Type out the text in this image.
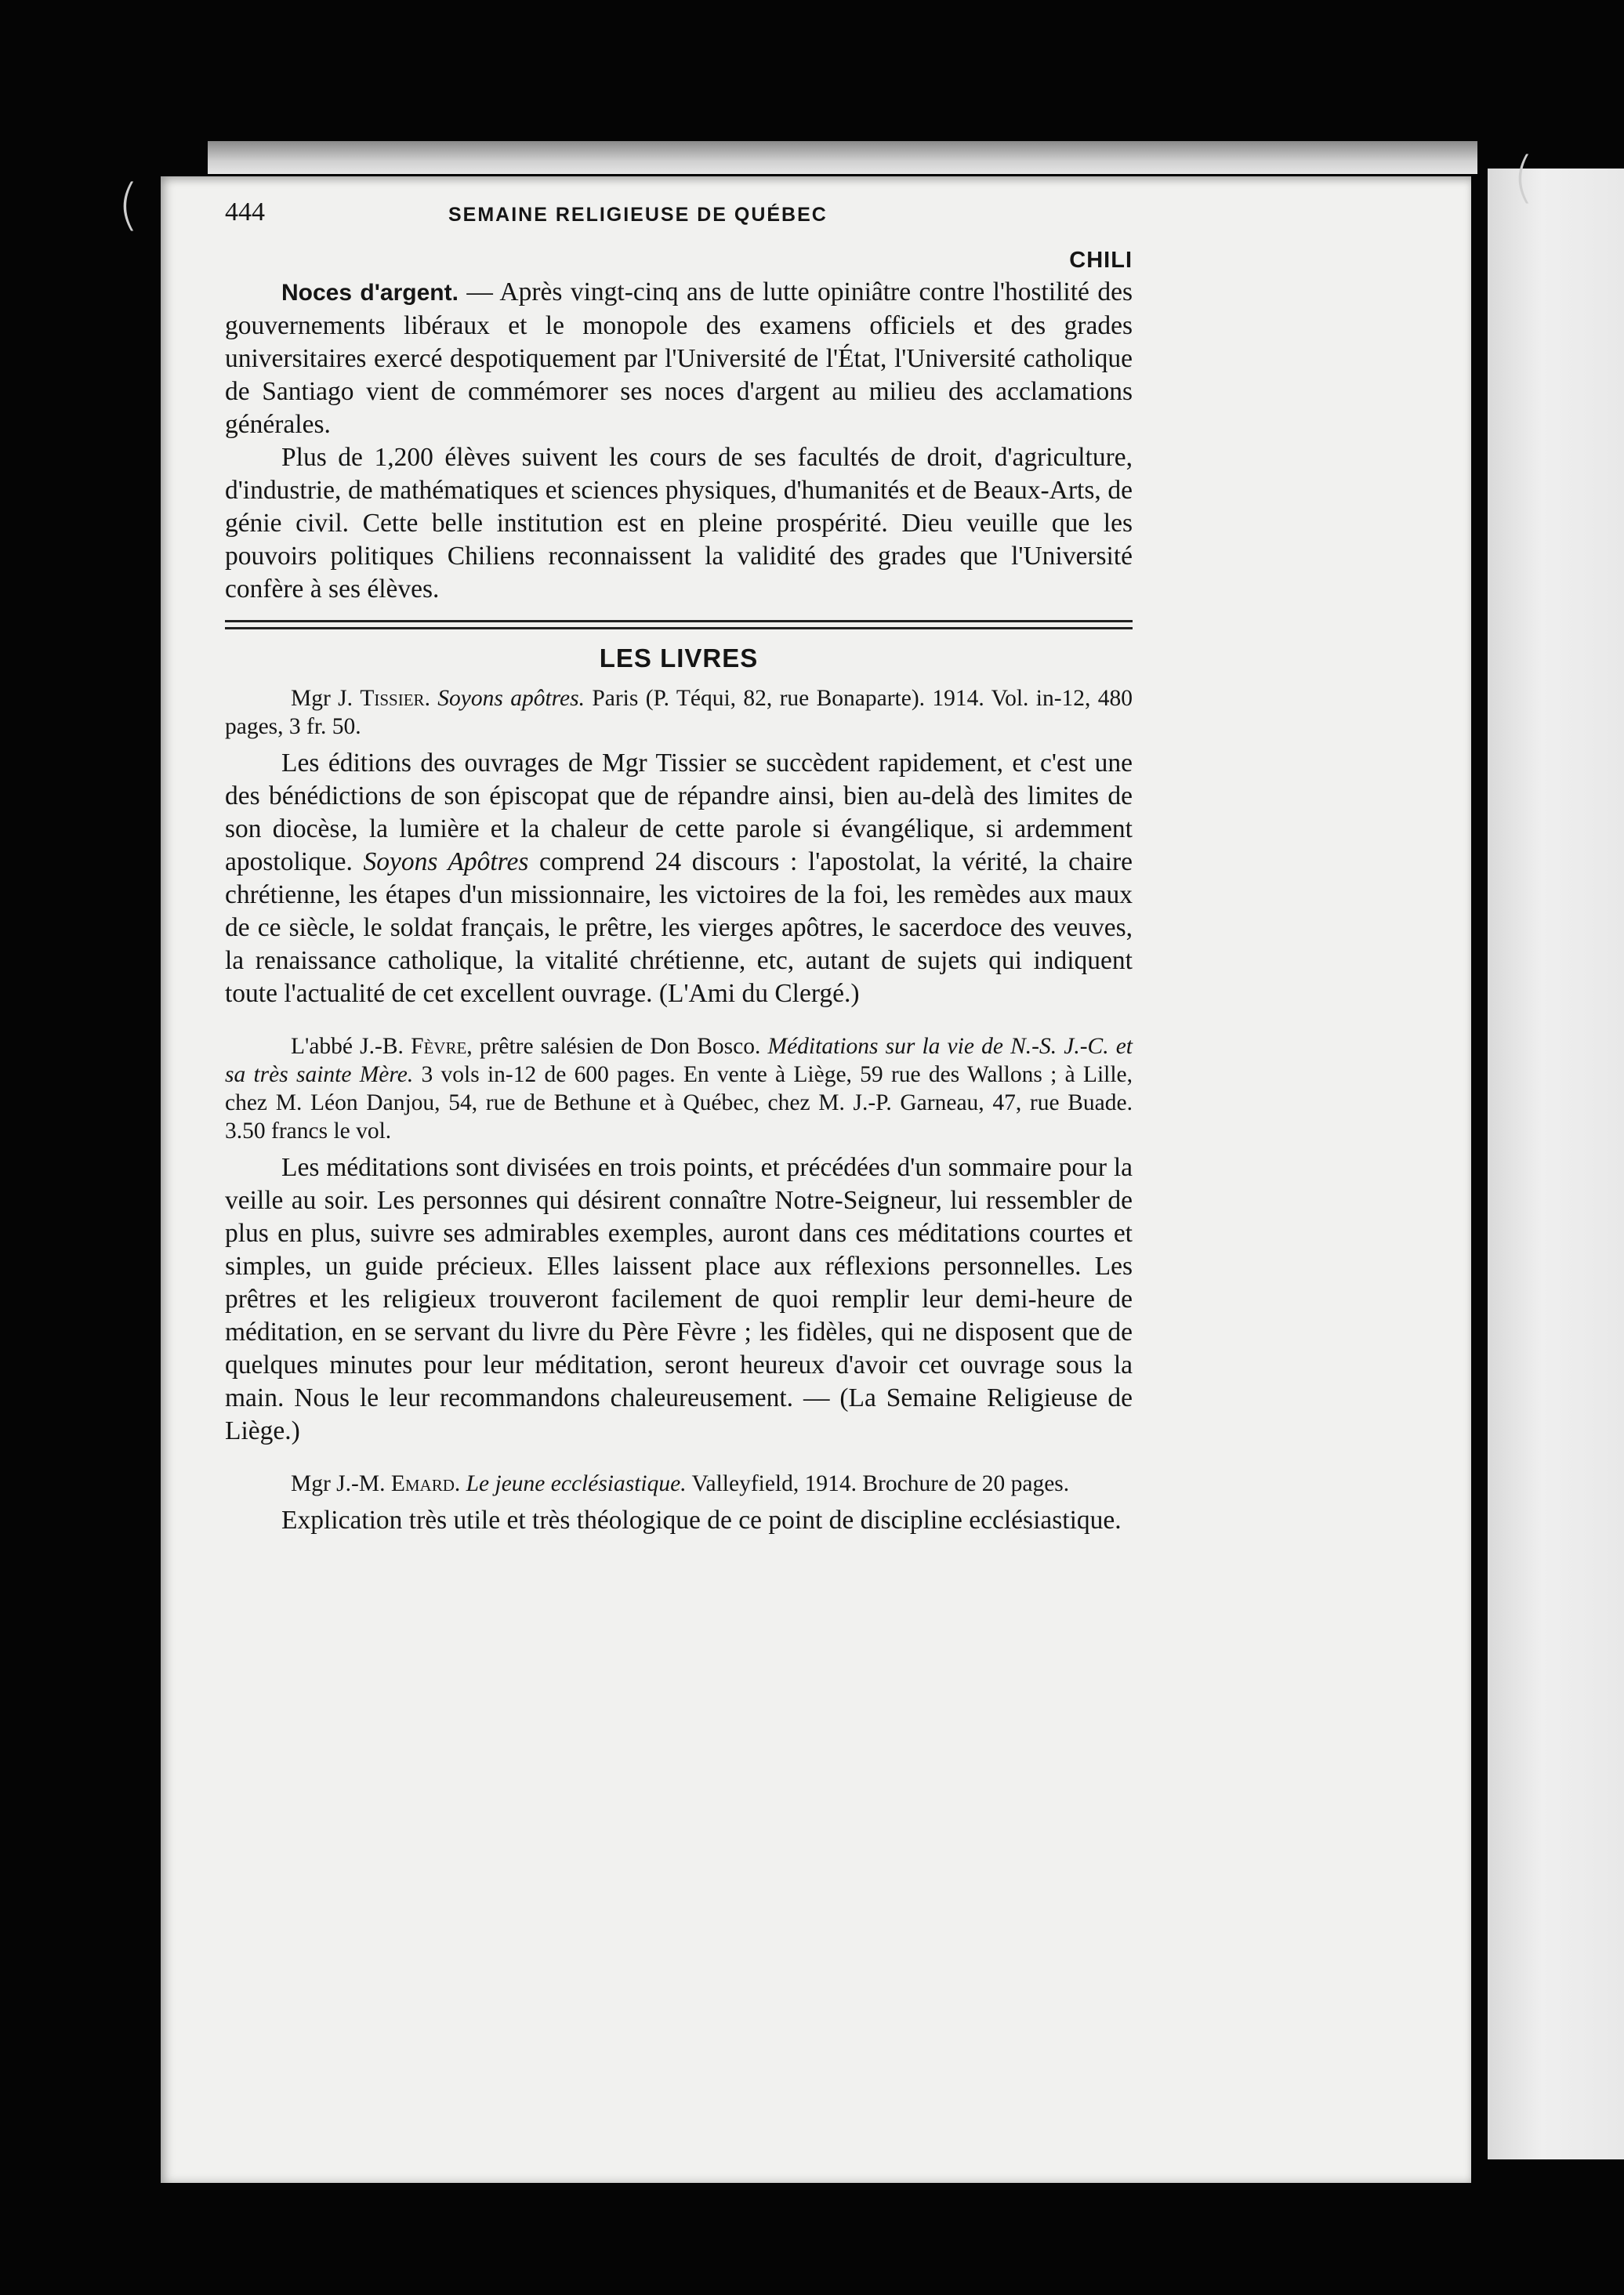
(	(
444	SEMAINE RELIGIEUSE DE QUÉBEC
CHILI

Noces d'argent. — Après vingt-cinq ans de lutte opiniâtre contre l'hostilité des gouvernements libéraux et le monopole des examens officiels et des grades universitaires exercé despotiquement par l'Université de l'État, l'Université catholique de Santiago vient de commémorer ses noces d'argent au milieu des acclamations générales.

Plus de 1,200 élèves suivent les cours de ses facultés de droit, d'agriculture, d'industrie, de mathématiques et sciences physiques, d'humanités et de Beaux-Arts, de génie civil. Cette belle institution est en pleine prospérité. Dieu veuille que les pouvoirs politiques Chiliens reconnaissent la validité des grades que l'Université confère à ses élèves.

LES LIVRES

Mgr J. Tissier. Soyons apôtres. Paris (P. Téqui, 82, rue Bonaparte). 1914. Vol. in-12, 480 pages, 3 fr. 50.

Les éditions des ouvrages de Mgr Tissier se succèdent rapidement, et c'est une des bénédictions de son épiscopat que de répandre ainsi, bien au-delà des limites de son diocèse, la lumière et la chaleur de cette parole si évangélique, si ardemment apostolique. Soyons Apôtres comprend 24 discours : l'apostolat, la vérité, la chaire chrétienne, les étapes d'un missionnaire, les victoires de la foi, les remèdes aux maux de ce siècle, le soldat français, le prêtre, les vierges apôtres, le sacerdoce des veuves, la renaissance catholique, la vitalité chrétienne, etc, autant de sujets qui indiquent toute l'actualité de cet excellent ouvrage. (L'Ami du Clergé.)

L'abbé J.-B. Fèvre, prêtre salésien de Don Bosco. Méditations sur la vie de N.-S. J.-C. et sa très sainte Mère. 3 vols in-12 de 600 pages. En vente à Liège, 59 rue des Wallons ; à Lille, chez M. Léon Danjou, 54, rue de Bethune et à Québec, chez M. J.-P. Garneau, 47, rue Buade. 3.50 francs le vol.

Les méditations sont divisées en trois points, et précédées d'un sommaire pour la veille au soir. Les personnes qui désirent connaître Notre-Seigneur, lui ressembler de plus en plus, suivre ses admirables exemples, auront dans ces méditations courtes et simples, un guide précieux. Elles laissent place aux réflexions personnelles. Les prêtres et les religieux trouveront facilement de quoi remplir leur demi-heure de méditation, en se servant du livre du Père Fèvre ; les fidèles, qui ne disposent que de quelques minutes pour leur méditation, seront heureux d'avoir cet ouvrage sous la main. Nous le leur recommandons chaleureusement. — (La Semaine Religieuse de Liège.)

Mgr J.-M. Emard. Le jeune ecclésiastique. Valleyfield, 1914. Brochure de 20 pages.

Explication très utile et très théologique de ce point de discipline ecclésiastique.
